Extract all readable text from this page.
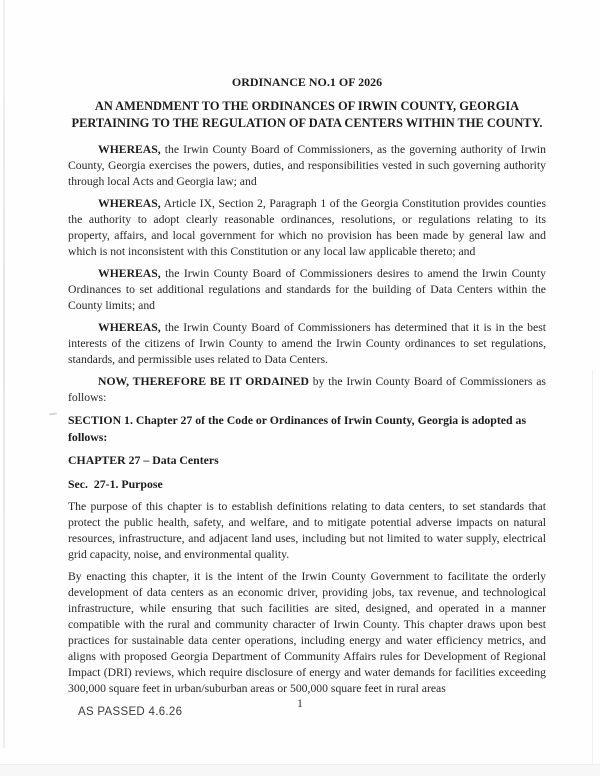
ORDINANCE NO.1 OF 2026

AN AMENDMENT TO THE ORDINANCES OF IRWIN COUNTY, GEORGIA
PERTAINING TO THE REGULATION OF DATA CENTERS WITHIN THE COUNTY.

WHEREAS, the Irwin County Board of Commissioners, as the governing authority of Irwin County, Georgia exercises the powers, duties, and responsibilities vested in such governing authority through local Acts and Georgia law; and

WHEREAS, Article IX, Section 2, Paragraph 1 of the Georgia Constitution provides counties the authority to adopt clearly reasonable ordinances, resolutions, or regulations relating to its property, affairs, and local government for which no provision has been made by general law and which is not inconsistent with this Constitution or any local law applicable thereto; and

WHEREAS, the Irwin County Board of Commissioners desires to amend the Irwin County Ordinances to set additional regulations and standards for the building of Data Centers within the County limits; and

WHEREAS, the Irwin County Board of Commissioners has determined that it is in the best interests of the citizens of Irwin County to amend the Irwin County ordinances to set regulations, standards, and permissible uses related to Data Centers.

NOW, THEREFORE BE IT ORDAINED by the Irwin County Board of Commissioners as follows:

SECTION 1. Chapter 27 of the Code or Ordinances of Irwin County, Georgia is adopted as follows:

CHAPTER 27 – Data Centers

Sec.  27-1. Purpose

The purpose of this chapter is to establish definitions relating to data centers, to set standards that protect the public health, safety, and welfare, and to mitigate potential adverse impacts on natural resources, infrastructure, and adjacent land uses, including but not limited to water supply, electrical grid capacity, noise, and environmental quality.

By enacting this chapter, it is the intent of the Irwin County Government to facilitate the orderly development of data centers as an economic driver, providing jobs, tax revenue, and technological infrastructure, while ensuring that such facilities are sited, designed, and operated in a manner compatible with the rural and community character of Irwin County. This chapter draws upon best practices for sustainable data center operations, including energy and water efficiency metrics, and aligns with proposed Georgia Department of Community Affairs rules for Development of Regional Impact (DRI) reviews, which require disclosure of energy and water demands for facilities exceeding 300,000 square feet in urban/suburban areas or 500,000 square feet in rural areas

1
AS PASSED 4.6.26
